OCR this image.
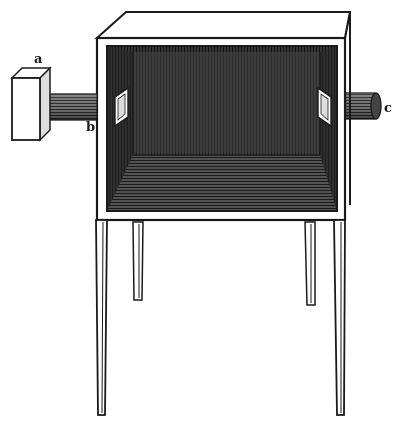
a
b
c
